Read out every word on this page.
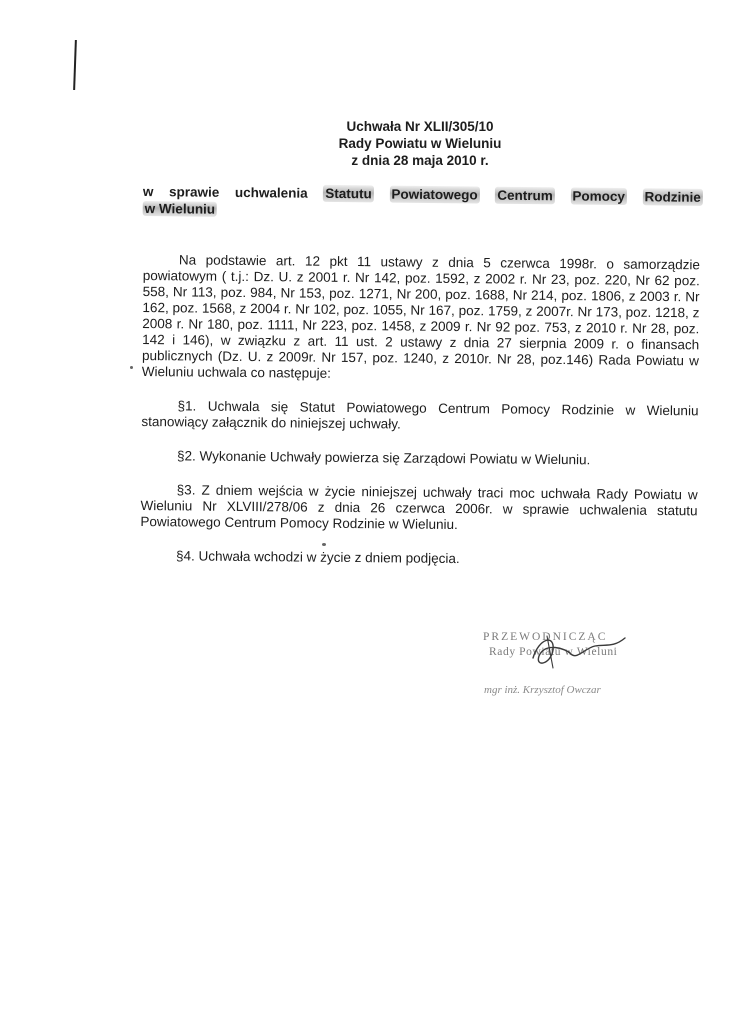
Uchwała Nr XLII/305/10
Rady Powiatu w Wieluniu
z dnia 28 maja 2010 r.
w sprawie uchwalenia Statutu Powiatowego Centrum Pomocy Rodzinie
w Wieluniu

Na podstawie art. 12 pkt 11 ustawy z dnia 5 czerwca 1998r. o samorządzie powiatowym ( t.j.: Dz. U. z 2001 r. Nr 142, poz. 1592, z 2002 r. Nr 23, poz. 220, Nr 62 poz. 558, Nr 113, poz. 984, Nr 153, poz. 1271, Nr 200, poz. 1688, Nr 214, poz. 1806, z 2003 r. Nr 162, poz. 1568, z 2004 r. Nr 102, poz. 1055, Nr 167, poz. 1759, z 2007r. Nr 173, poz. 1218, z 2008 r. Nr 180, poz. 1111, Nr 223, poz. 1458, z 2009 r. Nr 92 poz. 753, z 2010 r. Nr 28, poz. 142 i 146), w związku z art. 11 ust. 2 ustawy z dnia 27 sierpnia 2009 r. o finansach publicznych (Dz. U. z 2009r. Nr 157, poz. 1240, z 2010r. Nr 28, poz.146) Rada Powiatu w Wieluniu uchwala co następuje:

§1. Uchwala się Statut Powiatowego Centrum Pomocy Rodzinie w Wieluniu stanowiący załącznik do niniejszej uchwały.

§2. Wykonanie Uchwały powierza się Zarządowi Powiatu w Wieluniu.

§3. Z dniem wejścia w życie niniejszej uchwały traci moc uchwała Rady Powiatu w Wieluniu Nr XLVIII/278/06 z dnia 26 czerwca 2006r. w sprawie uchwalenia statutu Powiatowego Centrum Pomocy Rodzinie w Wieluniu.

§4. Uchwała wchodzi w życie z dniem podjęcia.

PRZEWODNICZĄC
Rady Powiatu w Wieluni
mgr inż. Krzysztof Owczar
